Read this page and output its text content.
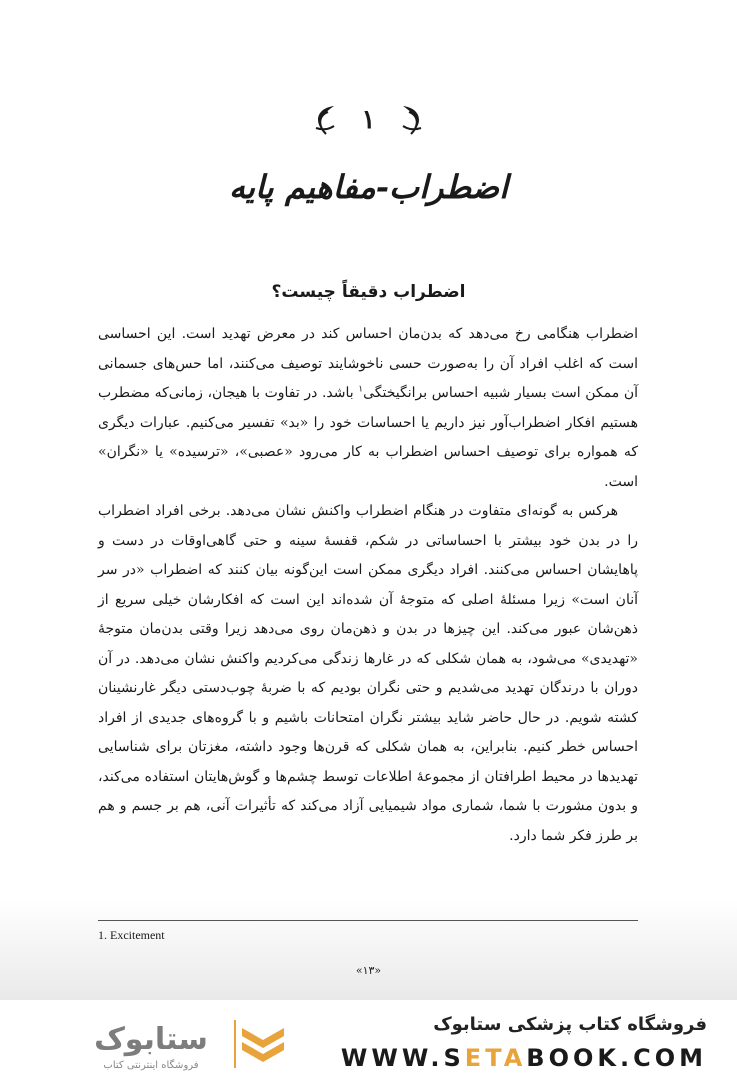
۱
اضطراب-مفاهیم پایه
اضطراب دقیقاً چیست؟

اضطراب هنگامی رخ می‌دهد که بدن‌مان احساس کند در معرض تهدید است. این احساسی است که اغلب افراد آن را به‌صورت حسی ناخوشایند توصیف می‌کنند، اما حس‌های جسمانی آن ممکن است بسیار شبیه احساس برانگیختگی$^۱$ باشد. در تفاوت با هیجان، زمانی‌که مضطرب هستیم افکار اضطراب‌آور نیز داریم یا احساسات خود را «بد» تفسیر می‌کنیم. عبارات دیگری که همواره برای توصیف احساس اضطراب به کار می‌رود «عصبی»، «ترسیده» یا «نگران» است.

هرکس به گونه‌ای متفاوت در هنگام اضطراب واکنش نشان می‌دهد. برخی افراد اضطراب را در بدن خود بیشتر با احساساتی در شکم، قفسهٔ سینه و حتی گاهی‌اوقات در دست و پاهایشان احساس می‌کنند. افراد دیگری ممکن است این‌گونه بیان کنند که اضطراب «در سر آنان است» زیرا مسئلهٔ اصلی که متوجهٔ آن شده‌اند این است که افکارشان خیلی سریع از ذهن‌شان عبور می‌کند. این چیزها در بدن و ذهن‌مان روی می‌دهد زیرا وقتی بدن‌مان متوجهٔ «تهدیدی» می‌شود، به همان شکلی که در غارها زندگی می‌کردیم واکنش نشان می‌دهد. در آن دوران با درندگان تهدید می‌شدیم و حتی نگران بودیم که با ضربهٔ چوب‌دستی دیگر غارنشینان کشته شویم. در حال حاضر شاید بیشتر نگران امتحانات باشیم و با گروه‌های جدیدی از افراد احساس خطر کنیم. بنابراین، به همان شکلی که قرن‌ها وجود داشته، مغزتان برای شناسایی تهدیدها در محیط اطرافتان از مجموعهٔ اطلاعات توسط چشم‌ها و گوش‌هایتان استفاده می‌کند، و بدون مشورت با شما، شماری مواد شیمیایی آزاد می‌کند که تأثیرات آنی، هم بر جسم و هم بر طرز فکر شما دارد.

1. Excitement
«۱۳»
ستابوک
فروشگاه اینترنتی کتاب
فروشگاه کتاب پزشکی ستابوک
WWW.SETABOOK.COM
